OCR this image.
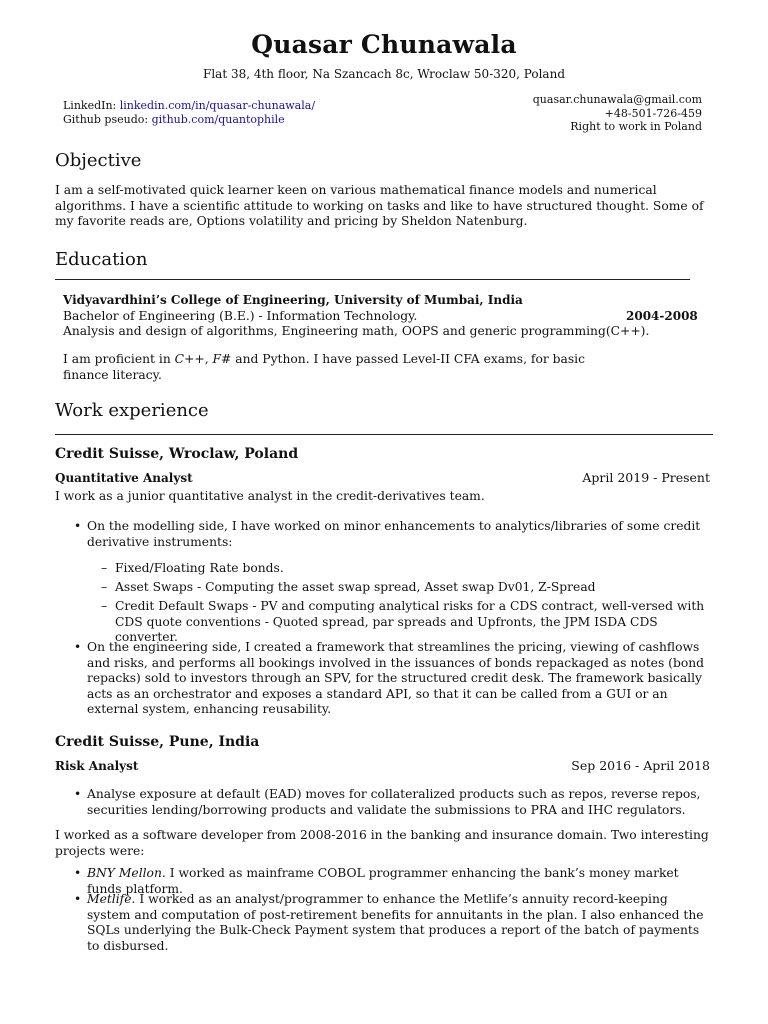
Quasar Chunawala
Flat 38, 4th floor, Na Szancach 8c, Wroclaw 50-320, Poland
LinkedIn: linkedin.com/in/quasar-chunawala/
Github pseudo: github.com/quantophile
quasar.chunawala@gmail.com
+48-501-726-459
Right to work in Poland
Objective
I am a self-motivated quick learner keen on various mathematical finance models and numerical algorithms. I have a scientific attitude to working on tasks and like to have structured thought. Some of my favorite reads are, Options volatility and pricing by Sheldon Natenburg.
Education
Vidyavardhini’s College of Engineering, University of Mumbai, India
Bachelor of Engineering (B.E.) - Information Technology.
Analysis and design of algorithms, Engineering math, OOPS and generic programming(C++).
2004-2008
I am proficient in C++, F# and Python. I have passed Level-II CFA exams, for basic finance literacy.
Work experience
Credit Suisse, Wroclaw, Poland
Quantitative Analyst	April 2019 - Present
I work as a junior quantitative analyst in the credit-derivatives team.
• On the modelling side, I have worked on minor enhancements to analytics/libraries of some credit derivative instruments:
– Fixed/Floating Rate bonds.
– Asset Swaps - Computing the asset swap spread, Asset swap Dv01, Z-Spread
– Credit Default Swaps - PV and computing analytical risks for a CDS contract, well-versed with CDS quote conventions - Quoted spread, par spreads and Upfronts, the JPM ISDA CDS converter.
• On the engineering side, I created a framework that streamlines the pricing, viewing of cashflows and risks, and performs all bookings involved in the issuances of bonds repackaged as notes (bond repacks) sold to investors through an SPV, for the structured credit desk. The framework basically acts as an orchestrator and exposes a standard API, so that it can be called from a GUI or an external system, enhancing reusability.
Credit Suisse, Pune, India
Risk Analyst	Sep 2016 - April 2018
• Analyse exposure at default (EAD) moves for collateralized products such as repos, reverse repos, securities lending/borrowing products and validate the submissions to PRA and IHC regulators.
I worked as a software developer from 2008-2016 in the banking and insurance domain. Two interesting projects were:
• BNY Mellon. I worked as mainframe COBOL programmer enhancing the bank’s money market funds platform.
• Metlife. I worked as an analyst/programmer to enhance the Metlife’s annuity record-keeping system and computation of post-retirement benefits for annuitants in the plan. I also enhanced the SQLs underlying the Bulk-Check Payment system that produces a report of the batch of payments to disbursed.
